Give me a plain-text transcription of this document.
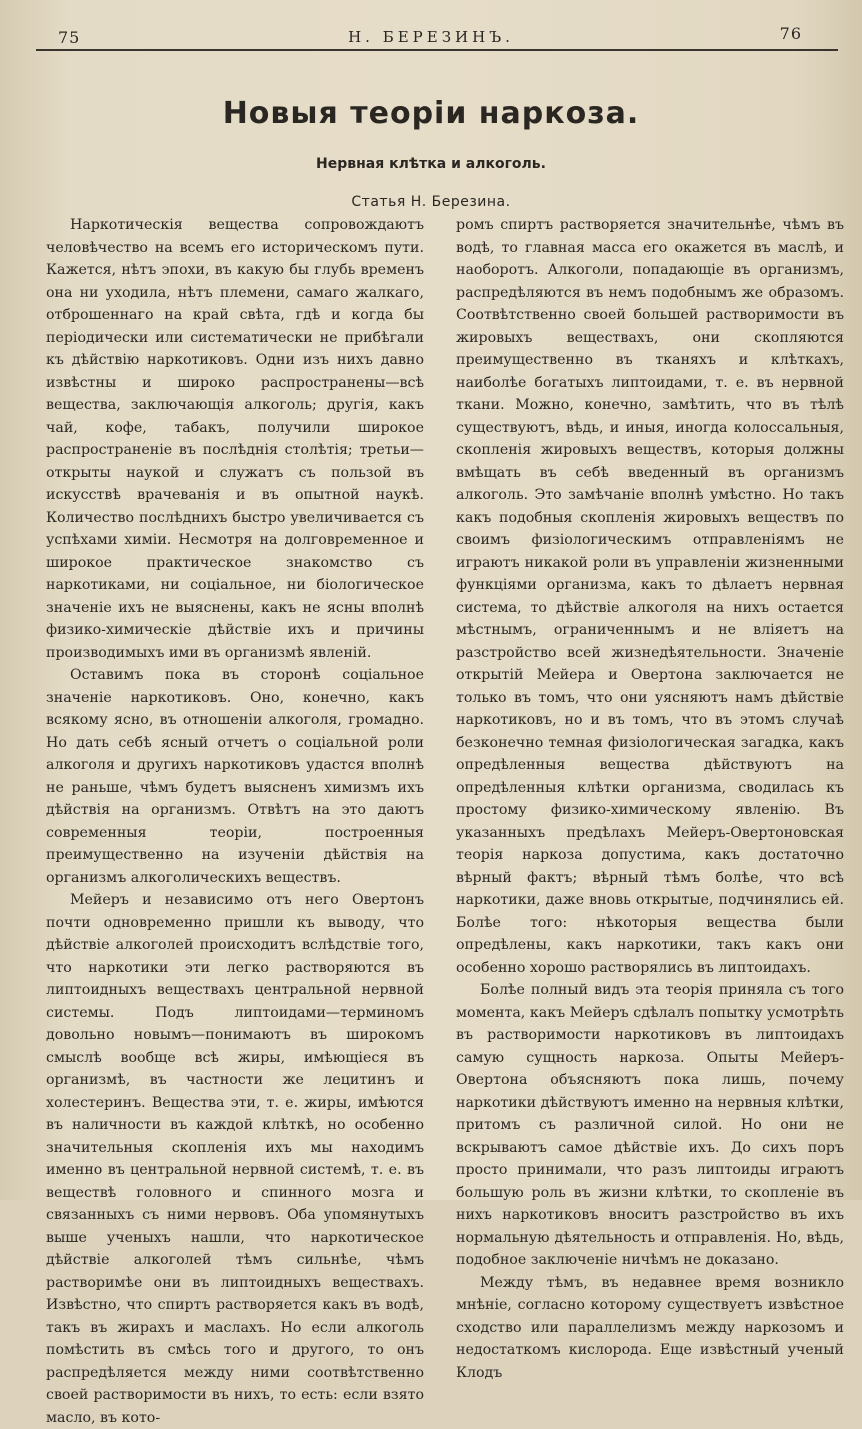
75	Н. БЕРЕЗИНЪ.	76
Новыя теорiи наркоза.
Нервная клѣтка и алкоголь.
Статья Н. Березина.

Наркотическiя вещества сопровождаютъ человѣчество на всемъ его историческомъ пути. Кажется, нѣтъ эпохи, въ какую бы глубь временъ она ни уходила, нѣтъ племени, самаго жалкаго, отброшеннаго на край свѣта, гдѣ и когда бы перiодически или систематически не прибѣгали къ дѣйствiю наркотиковъ. Одни изъ нихъ давно извѣстны и широко распространены—всѣ вещества, заключающiя алкоголь; другiя, какъ чай, кофе, табакъ, получили широкое распространенiе въ послѣднiя столѣтiя; третьи—открыты наукой и служатъ съ пользой въ искусствѣ врачеванiя и въ опытной наукѣ. Количество послѣднихъ быстро увеличивается съ успѣхами химiи. Несмотря на долговременное и широкое практическое знакомство съ наркотиками, ни соцiальное, ни бiологическое значенiе ихъ не выяснены, какъ не ясны вполнѣ физико-химическiе дѣйствiе ихъ и причины производимыхъ ими въ организмѣ явленiй.

Оставимъ пока въ сторонѣ соцiальное значенiе наркотиковъ. Оно, конечно, какъ всякому ясно, въ отношенiи алкоголя, громадно. Но дать себѣ ясный отчетъ о соцiальной роли алкоголя и другихъ наркотиковъ удастся вполнѣ не раньше, чѣмъ будетъ выясненъ химизмъ ихъ дѣйствiя на организмъ. Отвѣтъ на это даютъ современныя теорiи, построенныя преимущественно на изученiи дѣйствiя на организмъ алкоголическихъ веществъ.

Мейеръ и независимо отъ него Овертонъ почти одновременно пришли къ выводу, что дѣйствiе алкоголей происходитъ вслѣдствiе того, что наркотики эти легко растворяются въ липтоидныхъ веществахъ центральной нервной системы. Подъ липтоидами—терминомъ довольно новымъ—понимаютъ въ широкомъ смыслѣ вообще всѣ жиры, имѣющiеся въ организмѣ, въ частности же лецитинъ и холестеринъ. Вещества эти, т. е. жиры, имѣются въ наличности въ каждой клѣткѣ, но особенно значительныя скопленiя ихъ мы находимъ именно въ центральной нервной системѣ, т. е. въ веществѣ головного и спинного мозга и связанныхъ съ ними нервовъ. Оба упомянутыхъ выше ученыхъ нашли, что наркотическое дѣйствiе алкоголей тѣмъ сильнѣе, чѣмъ растворимѣе они въ липтоидныхъ веществахъ. Извѣстно, что спиртъ растворяется какъ въ водѣ, такъ въ жирахъ и маслахъ. Но если алкоголь помѣстить въ смѣсь того и другого, то онъ распредѣляется между ними соотвѣтственно своей растворимости въ нихъ, то есть: если взято масло, въ кото-

ромъ спиртъ растворяется значительнѣе, чѣмъ въ водѣ, то главная масса его окажется въ маслѣ, и наоборотъ. Алкоголи, попадающiе въ организмъ, распредѣляются въ немъ подобнымъ же образомъ. Соотвѣтственно своей большей растворимости въ жировыхъ веществахъ, они скопляются преимущественно въ тканяхъ и клѣткахъ, наиболѣе богатыхъ липтоидами, т. е. въ нервной ткани. Можно, конечно, замѣтить, что въ тѣлѣ существуютъ, вѣдь, и иныя, иногда колоссальныя, скопленiя жировыхъ веществъ, которыя должны вмѣщать въ себѣ введенный въ организмъ алкоголь. Это замѣчанiе вполнѣ умѣстно. Но такъ какъ подобныя скопленiя жировыхъ веществъ по своимъ физiологическимъ отправленiямъ не играютъ никакой роли въ управленiи жизненными функцiями организма, какъ то дѣлаетъ нервная система, то дѣйствiе алкоголя на нихъ остается мѣстнымъ, ограниченнымъ и не влiяетъ на разстройство всей жизнедѣятельности. Значенiе открытiй Мейера и Овертона заключается не только въ томъ, что они уясняютъ намъ дѣйствiе наркотиковъ, но и въ томъ, что въ этомъ случаѣ безконечно темная физiологическая загадка, какъ опредѣленныя вещества дѣйствуютъ на опредѣленныя клѣтки организма, сводилась къ простому физико-химическому явленiю. Въ указанныхъ предѣлахъ Мейеръ-Овертоновская теорiя наркоза допустима, какъ достаточно вѣрный фактъ; вѣрный тѣмъ болѣе, что всѣ наркотики, даже вновь открытые, подчинялись ей. Болѣе того: нѣкоторыя вещества были опредѣлены, какъ наркотики, такъ какъ они особенно хорошо растворялись въ липтоидахъ.

Болѣе полный видъ эта теорiя приняла съ того момента, какъ Мейеръ сдѣлалъ попытку усмотрѣть въ растворимости наркотиковъ въ липтоидахъ самую сущность наркоза. Опыты Мейеръ-Овертона объясняютъ пока лишь, почему наркотики дѣйствуютъ именно на нервныя клѣтки, притомъ съ различной силой. Но они не вскрываютъ самое дѣйствiе ихъ. До сихъ поръ просто принимали, что разъ липтоиды играютъ большую роль въ жизни клѣтки, то скопленiе въ нихъ наркотиковъ вноситъ разстройство въ ихъ нормальную дѣятельность и отправленiя. Но, вѣдь, подобное заключенiе ничѣмъ не доказано.

Между тѣмъ, въ недавнее время возникло мнѣнiе, согласно которому существуетъ извѣстное сходство или параллелизмъ между наркозомъ и недостаткомъ кислорода. Еще извѣстный ученый Клодъ
